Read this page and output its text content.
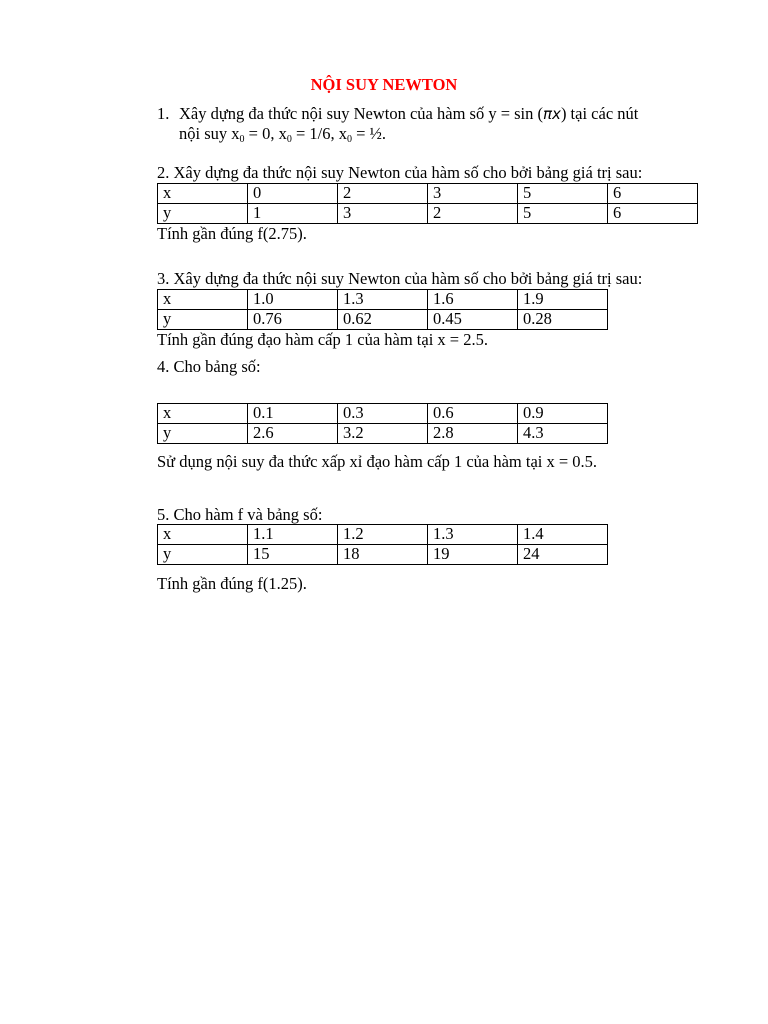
NỘI SUY NEWTON
1. Xây dựng đa thức nội suy Newton của hàm số y = sin (πx) tại các nút
nội suy $x_0 = 0$, $x_0 = 1/6$, $x_0$ = ½.
2. Xây dựng đa thức nội suy Newton của hàm số cho bởi bảng giá trị sau:
x	0	2	3	5	6
y	1	3	2	5	6
Tính gần đúng f(2.75).
3. Xây dựng đa thức nội suy Newton của hàm số cho bởi bảng giá trị sau:
x	1.0	1.3	1.6	1.9
y	0.76	0.62	0.45	0.28
Tính gần đúng đạo hàm cấp 1 của hàm tại x = 2.5.
4. Cho bảng số:
x	0.1	0.3	0.6	0.9
y	2.6	3.2	2.8	4.3
Sử dụng nội suy đa thức xấp xỉ đạo hàm cấp 1 của hàm tại x = 0.5.
5. Cho hàm f và bảng số:
x	1.1	1.2	1.3	1.4
y	15	18	19	24
Tính gần đúng f(1.25).
